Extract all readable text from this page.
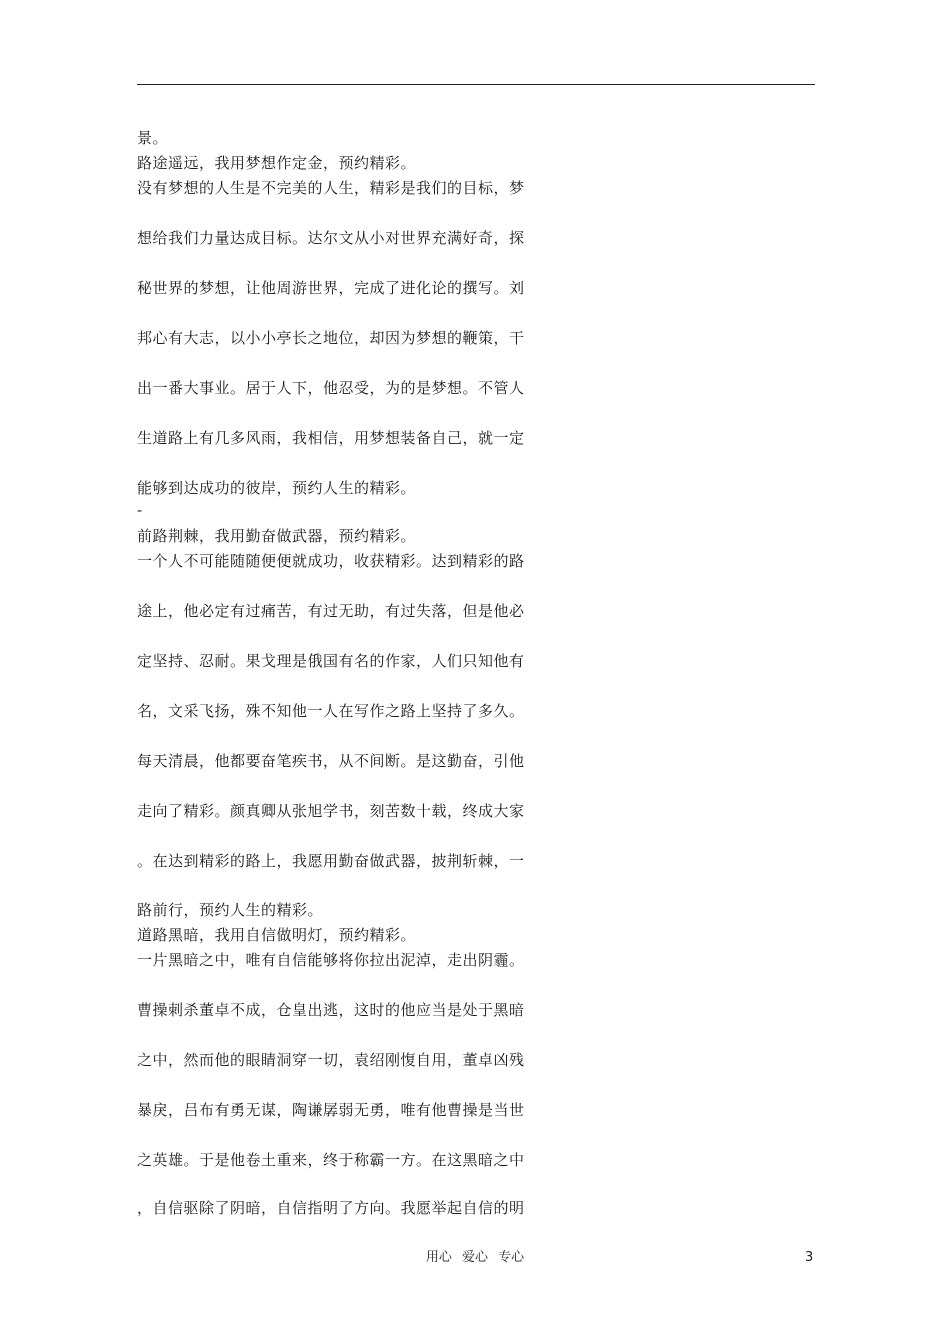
景。
路途遥远，我用梦想作定金，预约精彩。
没有梦想的人生是不完美的人生，精彩是我们的目标，梦
想给我们力量达成目标。达尔文从小对世界充满好奇，探
秘世界的梦想，让他周游世界，完成了进化论的撰写。刘
邦心有大志，以小小亭长之地位，却因为梦想的鞭策，干
出一番大事业。居于人下，他忍受，为的是梦想。不管人
生道路上有几多风雨，我相信，用梦想装备自己，就一定
能够到达成功的彼岸，预约人生的精彩。
-
前路荆棘，我用勤奋做武器，预约精彩。
一个人不可能随随便便就成功，收获精彩。达到精彩的路
途上，他必定有过痛苦，有过无助，有过失落，但是他必
定坚持、忍耐。果戈理是俄国有名的作家，人们只知他有
名，文采飞扬，殊不知他一人在写作之路上坚持了多久。
每天清晨，他都要奋笔疾书，从不间断。是这勤奋，引他
走向了精彩。颜真卿从张旭学书，刻苦数十载，终成大家
。在达到精彩的路上，我愿用勤奋做武器，披荆斩棘，一
路前行，预约人生的精彩。
道路黑暗，我用自信做明灯，预约精彩。
一片黑暗之中，唯有自信能够将你拉出泥淖，走出阴霾。
曹操刺杀董卓不成，仓皇出逃，这时的他应当是处于黑暗
之中，然而他的眼睛洞穿一切，袁绍刚愎自用，董卓凶残
暴戾，吕布有勇无谋，陶谦孱弱无勇，唯有他曹操是当世
之英雄。于是他卷土重来，终于称霸一方。在这黑暗之中
，自信驱除了阴暗，自信指明了方向。我愿举起自信的明
用心 爱心 专心	3
